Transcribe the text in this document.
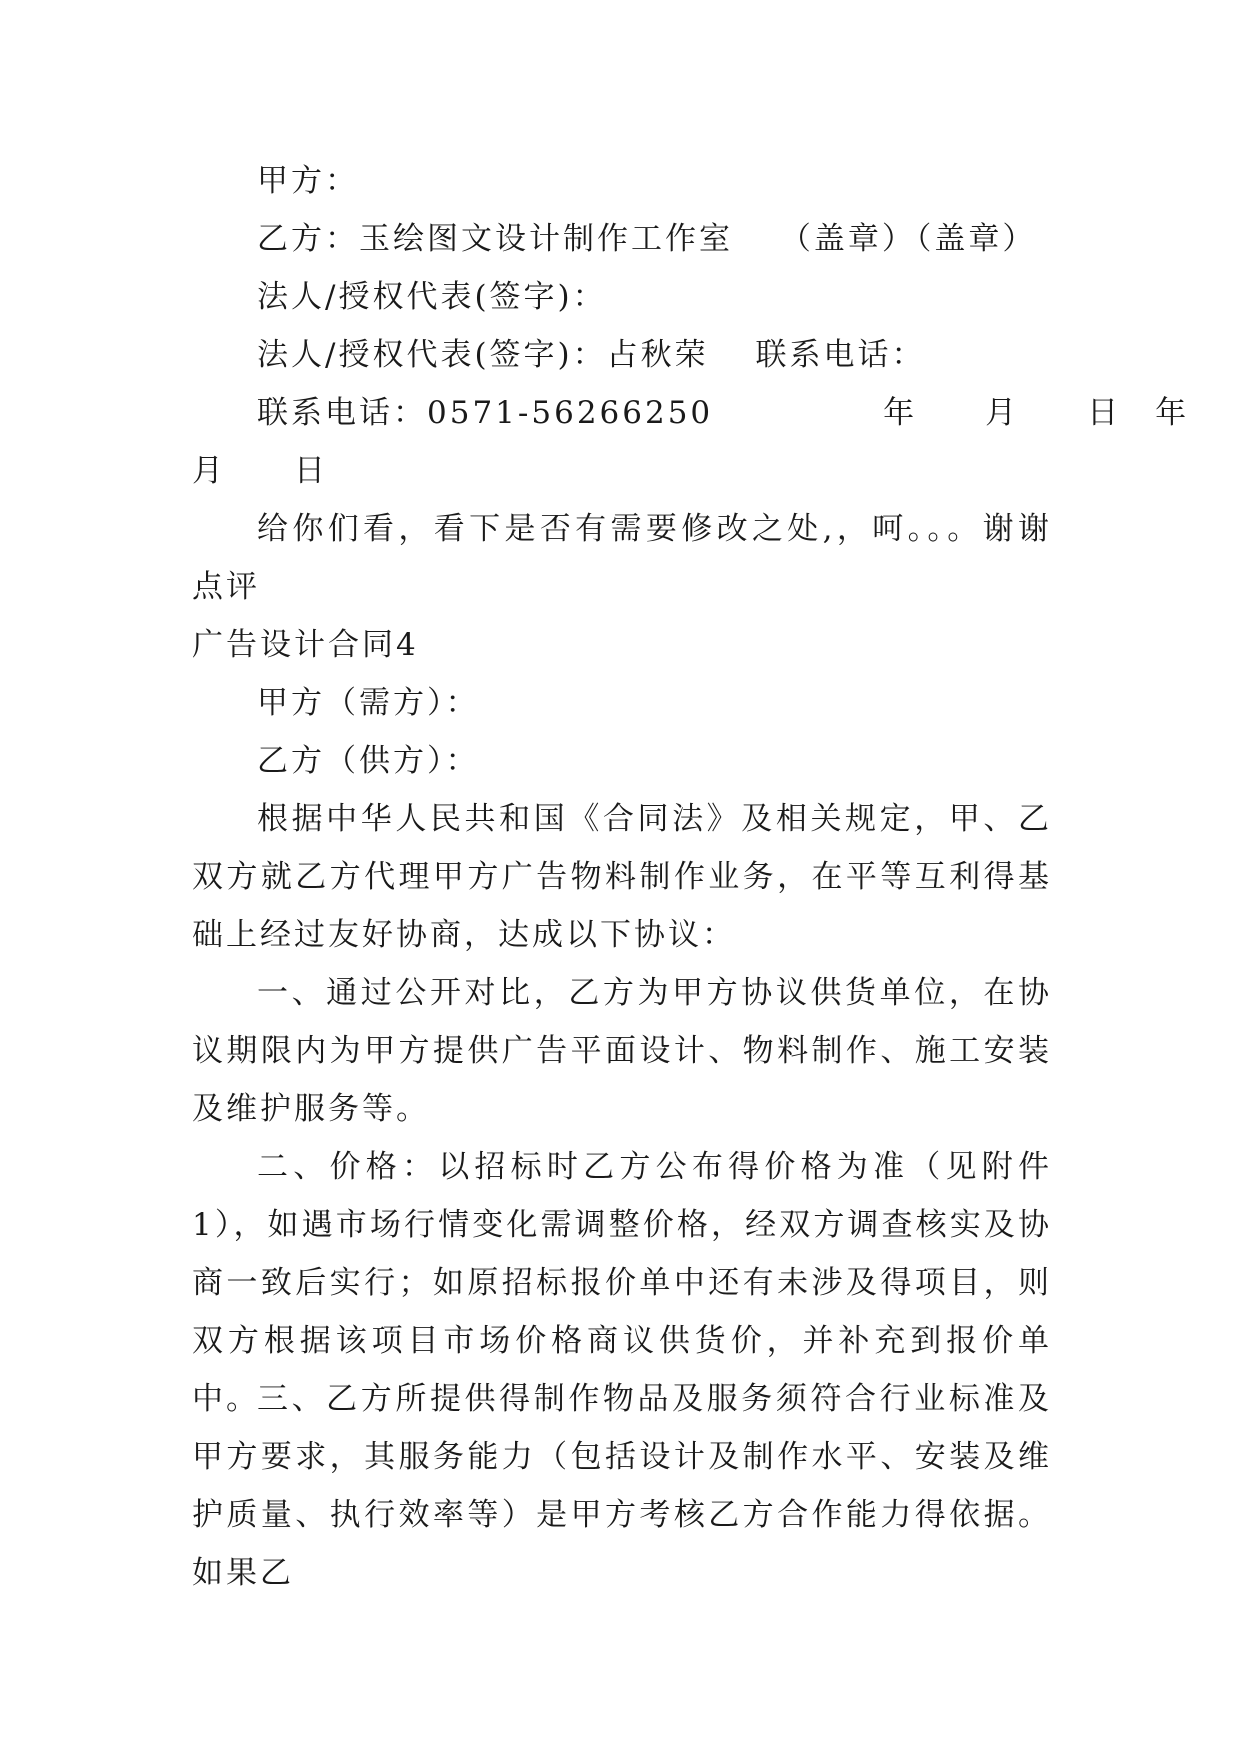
甲方：
乙方：玉绘图文设计制作工作室　 （盖章）（盖章）
法人/授权代表(签字)：
法人/授权代表(签字)：占秋荣　 联系电话：
联系电话：0571-56266250　　　　　年　　月　　日　年
月　　日
给你们看，看下是否有需要修改之处,，呵。。。谢谢点评
广告设计合同4
甲方（需方）：
乙方（供方）：
根据中华人民共和国《合同法》及相关规定，甲、乙双方就乙方代理甲方广告物料制作业务，在平等互利得基础上经过友好协商，达成以下协议：
一、通过公开对比，乙方为甲方协议供货单位，在协议期限内为甲方提供广告平面设计、物料制作、施工安装及维护服务等。
二、价格：以招标时乙方公布得价格为准（见附件1），如遇市场行情变化需调整价格，经双方调查核实及协商一致后实行；如原招标报价单中还有未涉及得项目，则双方根据该项目市场价格商议供货价，并补充到报价单中。
三、乙方所提供得制作物品及服务须符合行业标准及甲方要求，其服务能力（包括设计及制作水平、安装及维护质量、执行效率等）是甲方考核乙方合作能力得依据。如果乙
